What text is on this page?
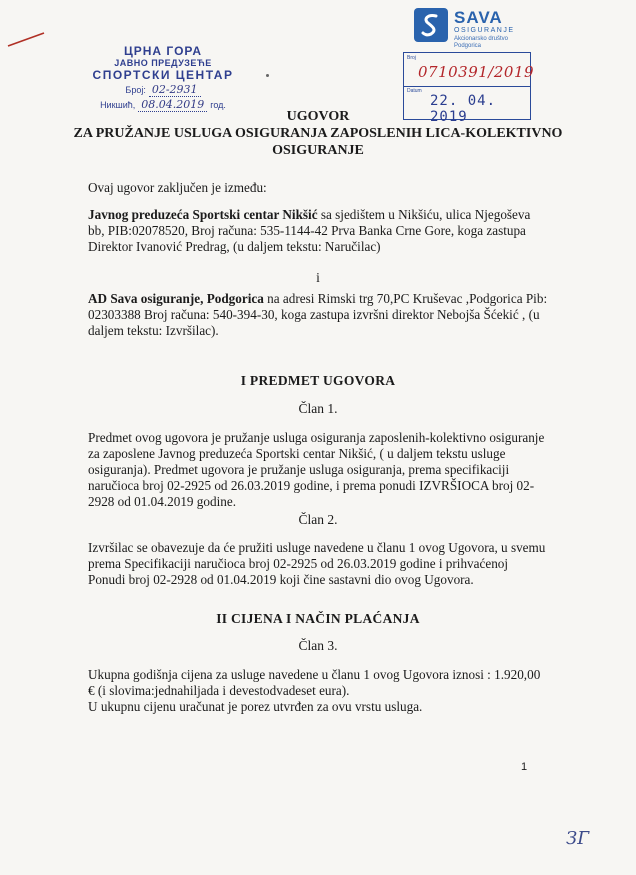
ЦРНА ГОРА
ЈАВНО ПРЕДУЗЕЋЕ
СПОРТСКИ ЦЕНТАР
Број: 02-2931
Никшић, 08.04.2019 год.
SAVA
OSIGURANJE
Akcionarsko društvo
Podgorica
Broj
0710391/2019
Datum
22. 04. 2019
UGOVOR
ZA PRUŽANJE USLUGA OSIGURANJA ZAPOSLENIH LICA-KOLEKTIVNO
OSIGURANJE
Ovaj ugovor zaključen je između:
Javnog preduzeća Sportski centar Nikšić sa sjedištem u Nikšiću, ulica Njegoševa bb, PIB:02078520, Broj računa: 535-1144-42 Prva Banka Crne Gore, koga zastupa Direktor Ivanović Predrag, (u daljem tekstu: Naručilac)
i
AD Sava osiguranje, Podgorica na adresi Rimski trg 70,PC Kruševac ,Podgorica Pib: 02303388 Broj računa: 540-394-30, koga zastupa izvršni direktor Nebojša Šćekić , (u daljem tekstu: Izvršilac).
I PREDMET UGOVORA
Član 1.
Predmet ovog ugovora je pružanje usluga osiguranja zaposlenih-kolektivno osiguranje za zaposlene Javnog preduzeća Sportski centar Nikšić, ( u daljem tekstu usluge osiguranja). Predmet ugovora je pružanje usluga osiguranja, prema specifikaciji naručioca broj 02-2925 od 26.03.2019 godine, i prema ponudi IZVRŠIOCA broj 02-2928 od 01.04.2019 godine.
Član 2.
Izvršilac se obavezuje da će pružiti usluge navedene u članu 1 ovog Ugovora, u svemu prema Specifikaciji naručioca broj 02-2925 od 26.03.2019 godine i prihvaćenoj Ponudi broj 02-2928 od 01.04.2019 koji čine sastavni dio ovog Ugovora.
II CIJENA I NAČIN PLAĆANJA
Član 3.
Ukupna godišnja cijena za usluge navedene u članu 1 ovog Ugovora iznosi : 1.920,00 € (i slovima:jednahiljada i devestodvadeset eura).
U ukupnu cijenu uračunat je porez utvrđen za ovu vrstu usluga.
1
ЗГ
